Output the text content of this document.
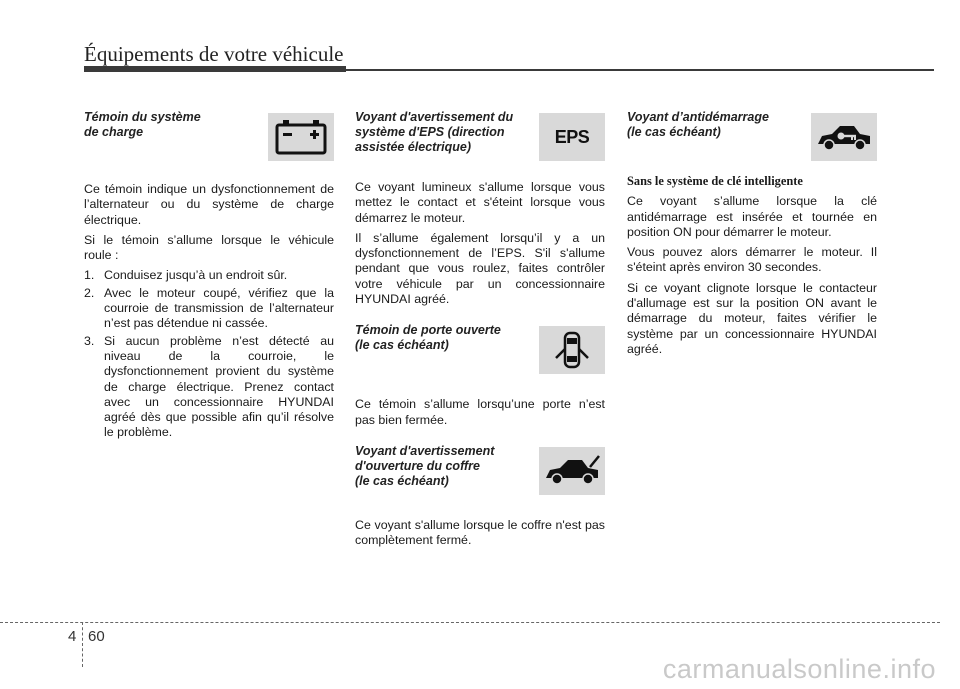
Équipements de votre véhicule

Témoin du système
de charge

Ce témoin indique un dysfonctionnement de l’alternateur ou du système de charge électrique.

Si le témoin s’allume lorsque le véhicule roule :

1. Conduisez jusqu’à un endroit sûr.
2. Avec le moteur coupé, vérifiez que la courroie de transmission de l’alternateur n’est pas détendue ni cassée.
3. Si aucun problème n’est détecté au niveau de la courroie, le dysfonctionnement provient du système de charge électrique. Prenez contact avec un concessionnaire HYUNDAI agréé dès que possible afin qu’il résolve le problème.

Voyant d'avertissement du
système d'EPS (direction
assistée électrique)

EPS

Ce voyant lumineux s'allume lorsque vous mettez le contact et s'éteint lorsque vous démarrez le moteur.

Il s’allume également lorsqu’il y a un dysfonctionnement de l’EPS. S'il s'allume pendant que vous roulez, faites contrôler votre véhicule par un concessionnaire HYUNDAI agréé.

Témoin de porte ouverte
(le cas échéant)

Ce témoin s’allume lorsqu’une porte n’est pas bien fermée.

Voyant d'avertissement
d'ouverture du coffre
(le cas échéant)

Ce voyant s'allume lorsque le coffre n'est pas complètement fermé.

Voyant d’antidémarrage
(le cas échéant)

Sans le système de clé intelligente

Ce voyant s’allume lorsque la clé antidémarrage est insérée et tournée en position ON pour démarrer le moteur.

Vous pouvez alors démarrer le moteur. Il s'éteint après environ 30 secondes.

Si ce voyant clignote lorsque le contacteur d'allumage est sur la position ON avant le démarrage du moteur, faites vérifier le système par un concessionnaire HYUNDAI agréé.

4 60
carmanualsonline.info
